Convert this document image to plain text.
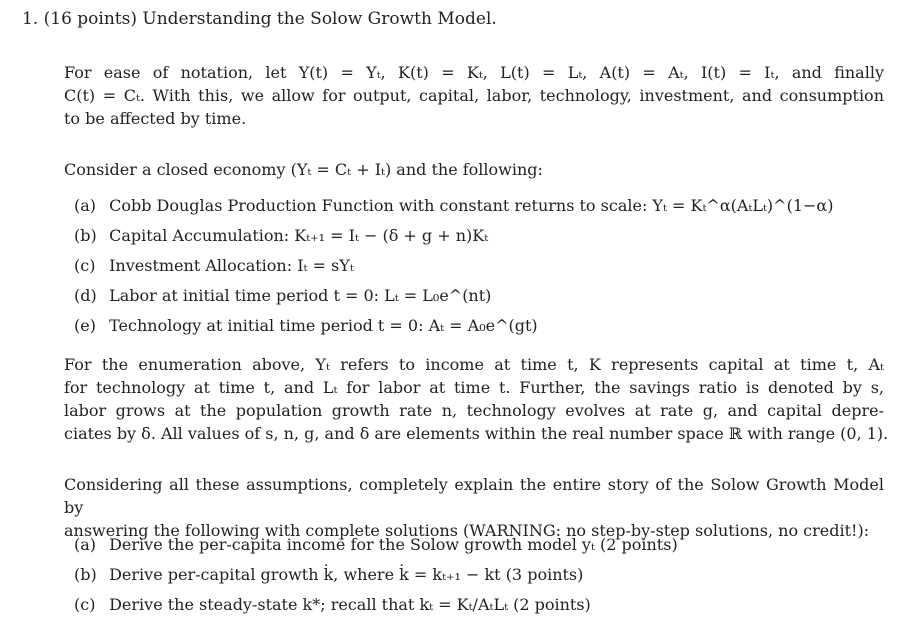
1. (16 points) Understanding the Solow Growth Model.
For ease of notation, let Y(t) = Yₜ, K(t) = Kₜ, L(t) = Lₜ, A(t) = Aₜ, I(t) = Iₜ, and finally
C(t) = Cₜ. With this, we allow for output, capital, labor, technology, investment, and consumption
to be affected by time.
Consider a closed economy (Yₜ = Cₜ + Iₜ) and the following:
(a) Cobb Douglas Production Function with constant returns to scale: Yₜ = Kₜ^α(AₜLₜ)^(1−α)
(b) Capital Accumulation: Kₜ₊₁ = Iₜ − (δ + g + n)Kₜ
(c) Investment Allocation: Iₜ = sYₜ
(d) Labor at initial time period t = 0: Lₜ = L₀e^(nt)
(e) Technology at initial time period t = 0: Aₜ = A₀e^(gt)
For the enumeration above, Yₜ refers to income at time t, K represents capital at time t, Aₜ
for technology at time t, and Lₜ for labor at time t. Further, the savings ratio is denoted by s,
labor grows at the population growth rate n, technology evolves at rate g, and capital depre-
ciates by δ. All values of s, n, g, and δ are elements within the real number space ℝ with range (0, 1).
Considering all these assumptions, completely explain the entire story of the Solow Growth Model by
answering the following with complete solutions (WARNING: no step-by-step solutions, no credit!):
(a) Derive the per-capita income for the Solow growth model yₜ (2 points)
(b) Derive per-capital growth k̇, where k̇ = kₜ₊₁ − kt (3 points)
(c) Derive the steady-state k*; recall that kₜ = Kₜ/AₜLₜ (2 points)
